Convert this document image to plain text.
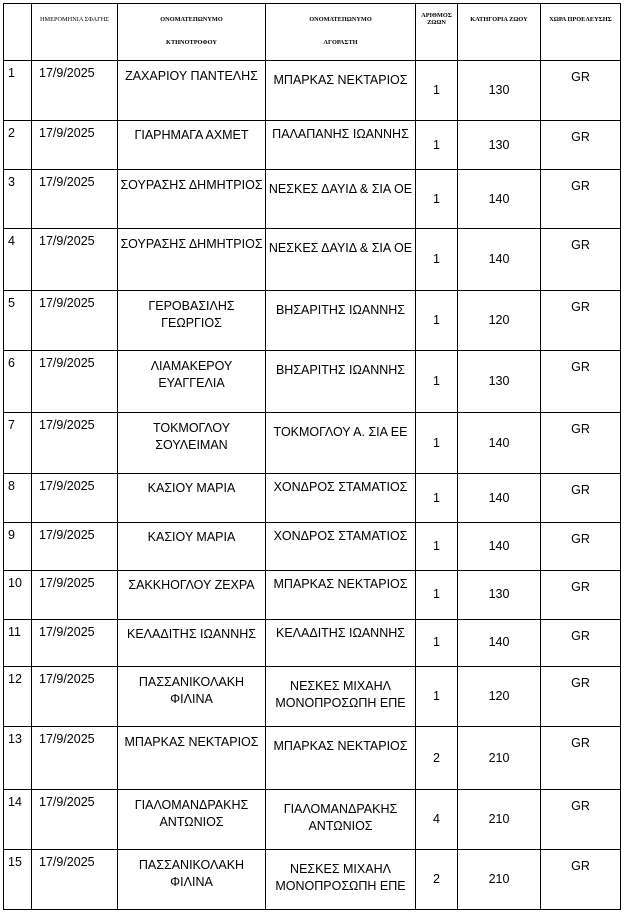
	ΗΜΕΡΟΜΗΝΙΑ ΣΦΑΓΗΣ	ΟΝΟΜΑΤΕΠΩΝΥΜΟ
ΚΤΗΝΟΤΡΟΦΟΥ	ΟΝΟΜΑΤΕΠΩΝΥΜΟ
ΑΓΟΡΑΣΤΗ	ΑΡΙΘΜΟΣ ΖΩΩΝ	ΚΑΤΗΓΟΡΙΑ ΖΩΟΥ	ΧΩΡΑ ΠΡΟΕΛΕΥΣΗΣ

1	17/9/2025	ΖΑΧΑΡΙΟΥ ΠΑΝΤΕΛΗΣ	ΜΠΑΡΚΑΣ ΝΕΚΤΑΡΙΟΣ	1	130	GR
2	17/9/2025	ΓΙΑΡΗΜΑΓΑ ΑΧΜΕΤ	ΠΑΛΑΠΑΝΗΣ ΙΩΑΝΝΗΣ	1	130	GR
3	17/9/2025	ΣΟΥΡΑΣΗΣ ΔΗΜΗΤΡΙΟΣ	ΝΕΣΚΕΣ ΔΑΥΙΔ & ΣΙΑ ΟΕ	1	140	GR
4	17/9/2025	ΣΟΥΡΑΣΗΣ ΔΗΜΗΤΡΙΟΣ	ΝΕΣΚΕΣ ΔΑΥΙΔ & ΣΙΑ ΟΕ	1	140	GR
5	17/9/2025	ΓΕΡΟΒΑΣΙΛΗΣ ΓΕΩΡΓΙΟΣ	ΒΗΣΑΡΙΤΗΣ ΙΩΑΝΝΗΣ	1	120	GR
6	17/9/2025	ΛΙΑΜΑΚΕΡΟΥ ΕΥΑΓΓΕΛΙΑ	ΒΗΣΑΡΙΤΗΣ ΙΩΑΝΝΗΣ	1	130	GR
7	17/9/2025	ΤΟΚΜΟΓΛΟΥ ΣΟΥΛΕΙΜΑΝ	ΤΟΚΜΟΓΛΟΥ Α. ΣΙΑ ΕΕ	1	140	GR
8	17/9/2025	ΚΑΣΙΟΥ ΜΑΡΙΑ	ΧΟΝΔΡΟΣ ΣΤΑΜΑΤΙΟΣ	1	140	GR
9	17/9/2025	ΚΑΣΙΟΥ ΜΑΡΙΑ	ΧΟΝΔΡΟΣ ΣΤΑΜΑΤΙΟΣ	1	140	GR
10	17/9/2025	ΣΑΚΚΗΟΓΛΟΥ ΖΕΧΡΑ	ΜΠΑΡΚΑΣ ΝΕΚΤΑΡΙΟΣ	1	130	GR
11	17/9/2025	ΚΕΛΑΔΙΤΗΣ ΙΩΑΝΝΗΣ	ΚΕΛΑΔΙΤΗΣ ΙΩΑΝΝΗΣ	1	140	GR
12	17/9/2025	ΠΑΣΣΑΝΙΚΟΛΑΚΗ ΦΙΛΙΝΑ	ΝΕΣΚΕΣ ΜΙΧΑΗΛ ΜΟΝΟΠΡΟΣΩΠΗ ΕΠΕ	1	120	GR
13	17/9/2025	ΜΠΑΡΚΑΣ ΝΕΚΤΑΡΙΟΣ	ΜΠΑΡΚΑΣ ΝΕΚΤΑΡΙΟΣ	2	210	GR
14	17/9/2025	ΓΙΑΛΟΜΑΝΔΡΑΚΗΣ ΑΝΤΩΝΙΟΣ	ΓΙΑΛΟΜΑΝΔΡΑΚΗΣ ΑΝΤΩΝΙΟΣ	4	210	GR
15	17/9/2025	ΠΑΣΣΑΝΙΚΟΛΑΚΗ ΦΙΛΙΝΑ	ΝΕΣΚΕΣ ΜΙΧΑΗΛ ΜΟΝΟΠΡΟΣΩΠΗ ΕΠΕ	2	210	GR
